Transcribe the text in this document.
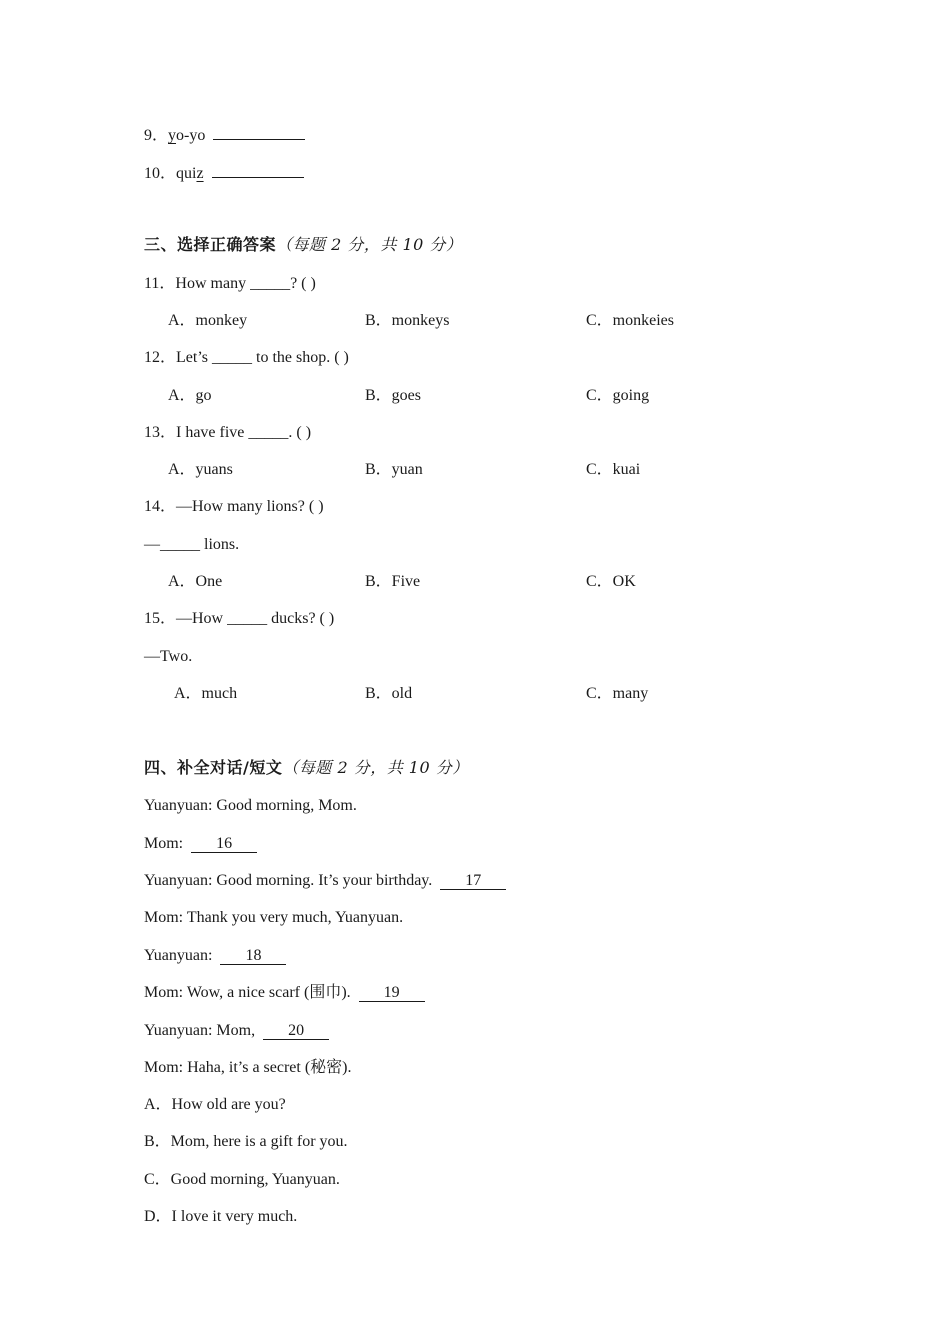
9．yo-yo
10．quiz
三、选择正确答案（每题 2 分，共 10 分）
11．How many _____? ( )
A．monkey	B．monkeys	C．monkeies
12．Let’s _____ to the shop. ( )
A．go	B．goes	C．going
13．I have five _____. ( )
A．yuans	B．yuan	C．kuai
14．—How many lions? ( )
—_____ lions.
A．One	B．Five	C．OK
15．—How _____ ducks? ( )
—Two.
A．much	B．old	C．many
四、补全对话/短文（每题 2 分，共 10 分）
Yuanyuan: Good morning, Mom.
Mom:  16
Yuanyuan: Good morning. It’s your birthday.  17
Mom: Thank you very much, Yuanyuan.
Yuanyuan:  18
Mom: Wow, a nice scarf (围巾).  19
Yuanyuan: Mom,  20
Mom: Haha, it’s a secret (秘密).
A．How old are you?
B．Mom, here is a gift for you.
C．Good morning, Yuanyuan.
D．I love it very much.
